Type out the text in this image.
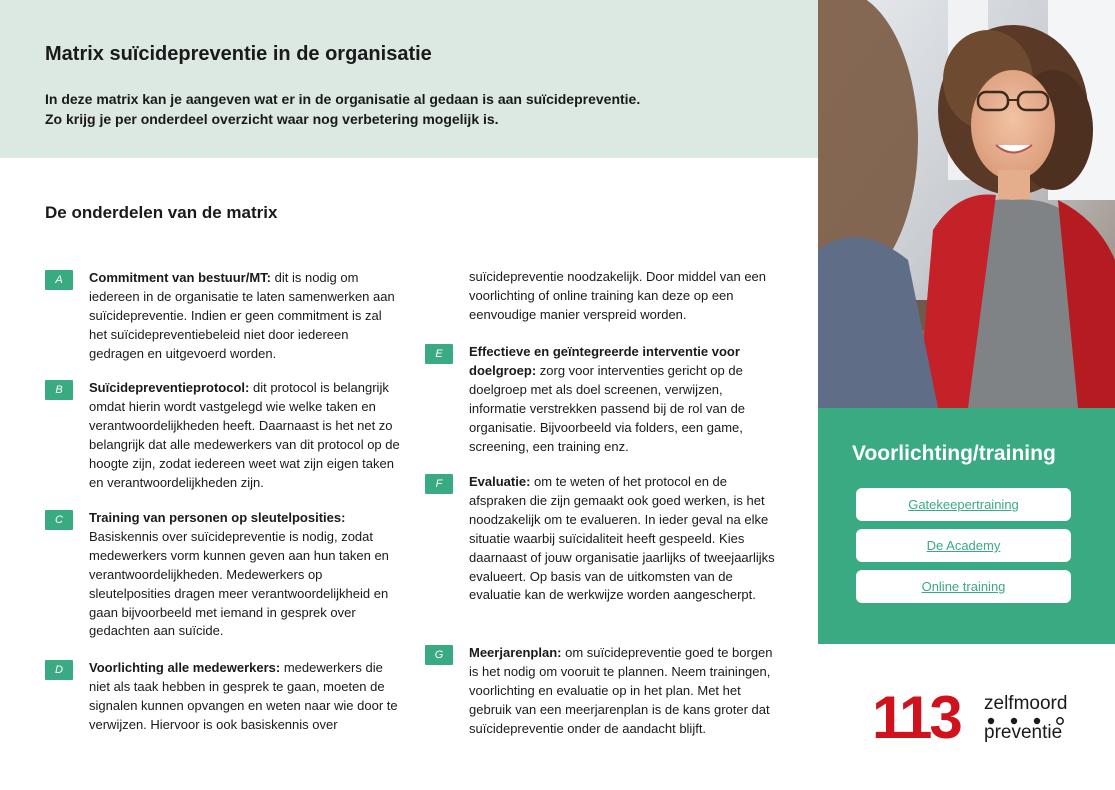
Matrix suïcidepreventie in de organisatie

In deze matrix kan je aangeven wat er in de organisatie al gedaan is aan suïcidepreventie.
Zo krijg je per onderdeel overzicht waar nog verbetering mogelijk is.

De onderdelen van de matrix
A	Commitment van bestuur/MT: dit is nodig om iedereen in de organisatie te laten samenwerken aan suïcidepreventie. Indien er geen commitment is zal het suïcidepreventiebeleid niet door iedereen gedragen en uitgevoerd worden.
B	Suïcidepreventieprotocol: dit protocol is belangrijk omdat hierin wordt vastgelegd wie welke taken en verantwoordelijkheden heeft. Daarnaast is het net zo belangrijk dat alle medewerkers van dit protocol op de hoogte zijn, zodat iedereen weet wat zijn eigen taken en verantwoordelijkheden zijn.
C	Training van personen op sleutelposities: Basiskennis over suïcidepreventie is nodig, zodat medewerkers vorm kunnen geven aan hun taken en verantwoordelijkheden. Medewerkers op sleutelposities dragen meer verantwoordelijkheid en gaan bijvoorbeeld met iemand in gesprek over gedachten aan suïcide.
D	Voorlichting alle medewerkers: medewerkers die niet als taak hebben in gesprek te gaan, moeten de signalen kunnen opvangen en weten naar wie door te verwijzen. Hiervoor is ook basiskennis over
suïcidepreventie noodzakelijk. Door middel van een voorlichting of online training kan deze op een eenvoudige manier verspreid worden.
E	Effectieve en geïntegreerde interventie voor doelgroep: zorg voor interventies gericht op de doelgroep met als doel screenen, verwijzen, informatie verstrekken passend bij de rol van de organisatie. Bijvoorbeeld via folders, een game, screening, een training enz.
F	Evaluatie: om te weten of het protocol en de afspraken die zijn gemaakt ook goed werken, is het noodzakelijk om te evalueren. In ieder geval na elke situatie waarbij suïcidaliteit heeft gespeeld. Kies daarnaast of jouw organisatie jaarlijks of tweejaarlijks evalueert. Op basis van de uitkomsten van de evaluatie kan de werkwijze worden aangescherpt.
G	Meerjarenplan: om suïcidepreventie goed te borgen is het nodig om vooruit te plannen. Neem trainingen, voorlichting en evaluatie op in het plan. Met het gebruik van een meerjarenplan is de kans groter dat suïcidepreventie onder de aandacht blijft.
Voorlichting/training
Gatekeepertraining
De Academy
Online training
113 zelfmoord
preventie
